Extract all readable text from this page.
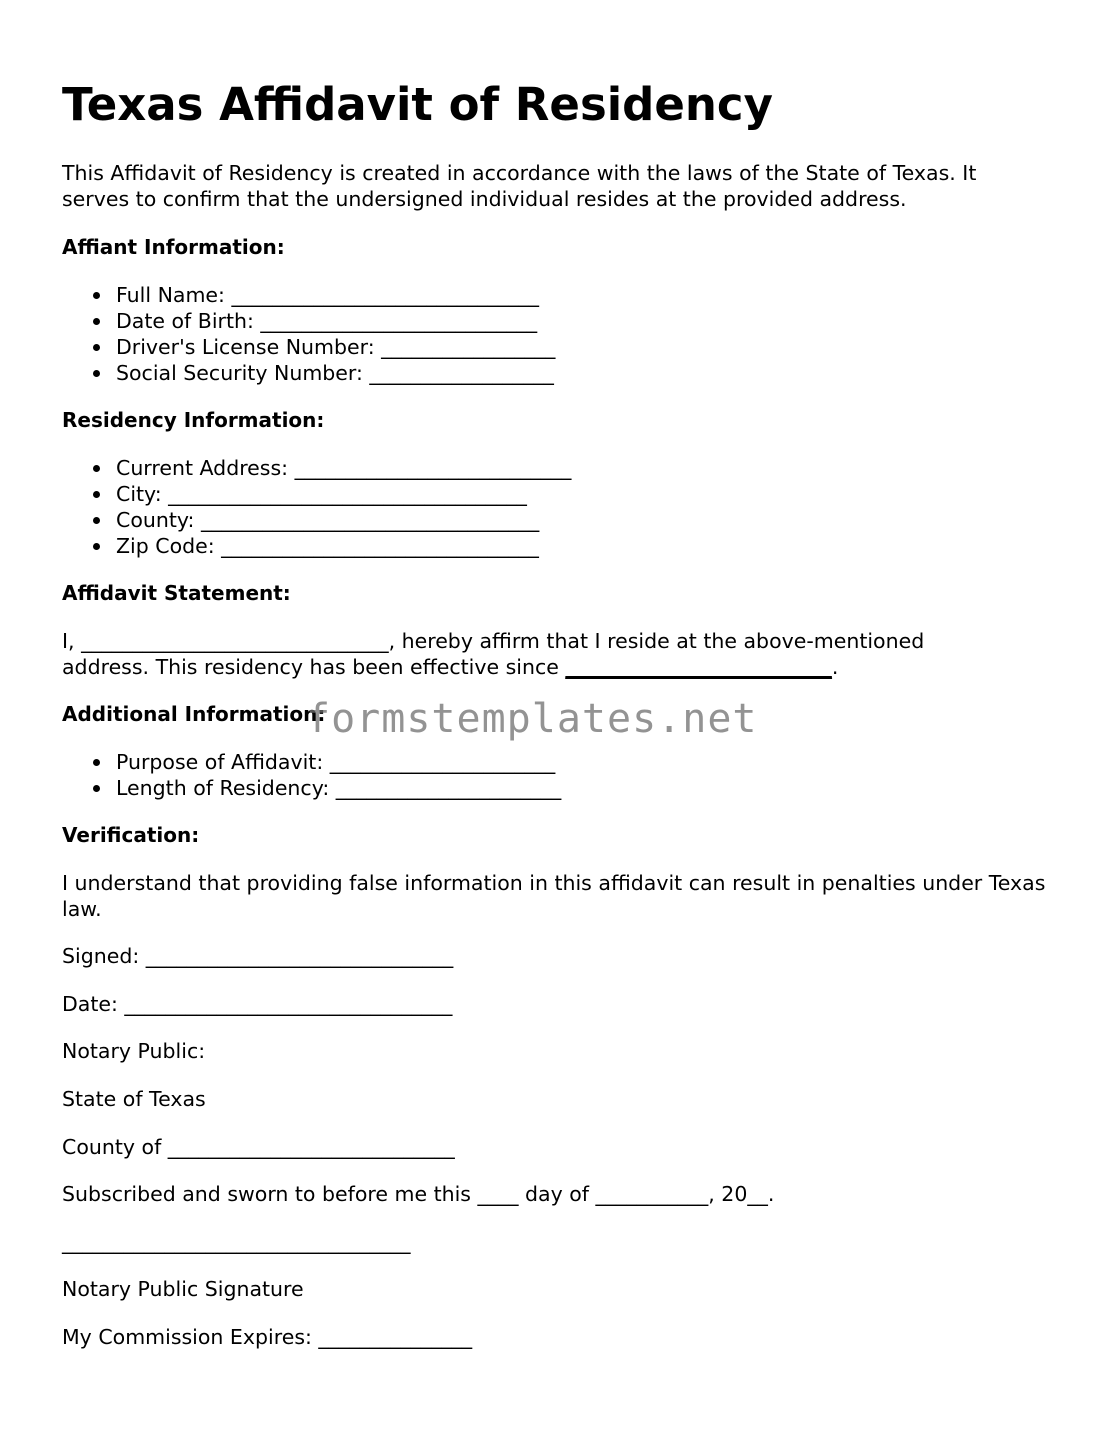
Texas Affidavit of Residency

This Affidavit of Residency is created in accordance with the laws of the State of Texas. It serves to confirm that the undersigned individual resides at the provided address.

Affiant Information:
Full Name: ______________________________
Date of Birth: ___________________________
Driver's License Number: _________________
Social Security Number: __________________
Residency Information:
Current Address: ___________________________
City: ___________________________________
County: _________________________________
Zip Code: _______________________________
Affidavit Statement:
I, ______________________________, hereby affirm that I reside at the above-mentioned
address. This residency has been effective since __________________________.
Additional Information:
Purpose of Affidavit: ______________________
Length of Residency: ______________________
Verification:

I understand that providing false information in this affidavit can result in penalties under Texas law.

Signed: ______________________________
Date: ________________________________
Notary Public:
State of Texas
County of ____________________________
Subscribed and sworn to before me this ____ day of ___________, 20__.
__________________________________
Notary Public Signature
My Commission Expires: _______________
formstemplates.net
